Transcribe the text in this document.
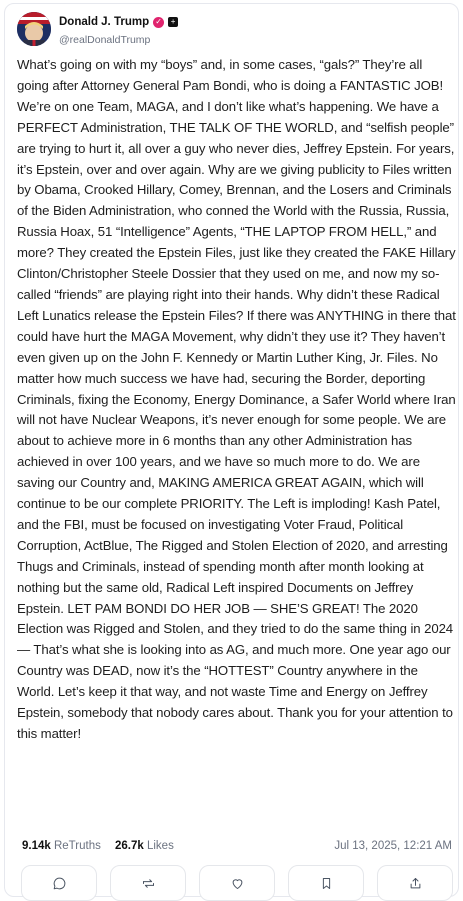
Donald J. Trump ✓	+
@realDonaldTrump
What’s going on with my “boys” and, in some cases, “gals?” They’re all going after Attorney General Pam Bondi, who is doing a FANTASTIC JOB! We’re on one Team, MAGA, and I don’t like what’s happening. We have a PERFECT Administration, THE TALK OF THE WORLD, and “selfish people” are trying to hurt it, all over a guy who never dies, Jeffrey Epstein. For years, it’s Epstein, over and over again. Why are we giving publicity to Files written by Obama, Crooked Hillary, Comey, Brennan, and the Losers and Criminals of the Biden Administration, who conned the World with the Russia, Russia, Russia Hoax, 51 “Intelligence” Agents, “THE LAPTOP FROM HELL,” and more? They created the Epstein Files, just like they created the FAKE Hillary Clinton/Christopher Steele Dossier that they used on me, and now my so-called “friends” are playing right into their hands. Why didn’t these Radical Left Lunatics release the Epstein Files? If there was ANYTHING in there that could have hurt the MAGA Movement, why didn’t they use it? They haven’t even given up on the John F. Kennedy or Martin Luther King, Jr. Files. No matter how much success we have had, securing the Border, deporting Criminals, fixing the Economy, Energy Dominance, a Safer World where Iran will not have Nuclear Weapons, it’s never enough for some people. We are about to achieve more in 6 months than any other Administration has achieved in over 100 years, and we have so much more to do. We are saving our Country and, MAKING AMERICA GREAT AGAIN, which will continue to be our complete PRIORITY. The Left is imploding! Kash Patel, and the FBI, must be focused on investigating Voter Fraud, Political Corruption, ActBlue, The Rigged and Stolen Election of 2020, and arresting Thugs and Criminals, instead of spending month after month looking at nothing but the same old, Radical Left inspired Documents on Jeffrey Epstein. LET PAM BONDI DO HER JOB — SHE’S GREAT! The 2020 Election was Rigged and Stolen, and they tried to do the same thing in 2024 — That’s what she is looking into as AG, and much more. One year ago our Country was DEAD, now it’s the “HOTTEST” Country anywhere in the World. Let’s keep it that way, and not waste Time and Energy on Jeffrey Epstein, somebody that nobody cares about. Thank you for your attention to this matter!
9.14k ReTruths 26.7k Likes	Jul 13, 2025, 12:21 AM
